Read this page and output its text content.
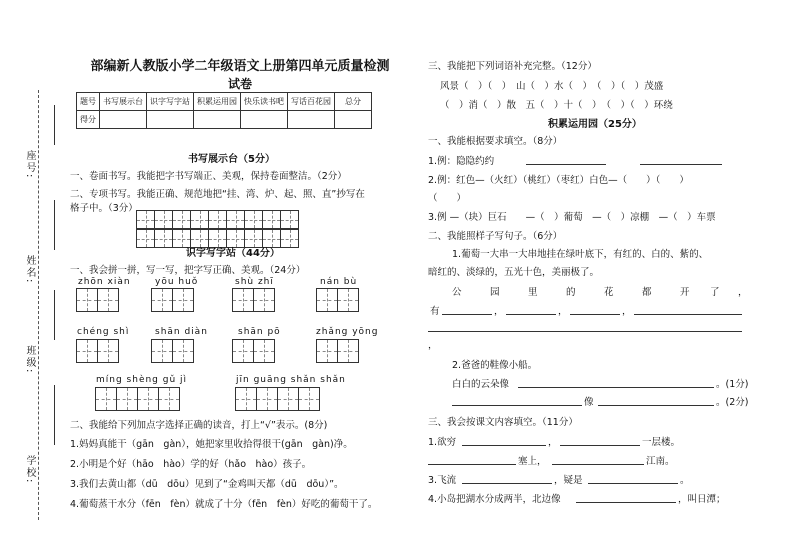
座号:
姓名:
班级:
学校:
部编新人教版小学二年级语文上册第四单元质量检测
试卷
题号	书写展示台	识字写字站	积累运用园	快乐读书吧	写话百花园	总分
得分						
书写展示台（5分）
一、卷面书写。我能把字书写端正、美观，保持卷面整洁。（2分）
二、专项书写。我能正确、规范地把“挂、湾、炉、起、照、直”抄写在
格子中。（3分）
识字写字站（44分）
一、我会拼一拼，写一写，把字写正确、美观。（24分）
zhōn xiàn	yōu huǒ	shù zhī	nán bù
chéng shì	shān diàn	shān pō	zhǎng yōng
míng shèng gǔ jì	jīn guāng shǎn shǎn
二、我能给下列加点字选择正确的读音，打上“√”表示。(8分)
1.妈妈真能干（gān　gàn），她把家里收拾得很干(gān　gàn)净。
2.小明是个好（hāo　hào）学的好（hǎo　hào）孩子。
3.我们去黄山都（dū　dōu）见到了“金鸡叫天都（dū　dōu）”。
4.葡萄蒸干水分（fēn　fèn）就成了十分（fēn　fèn）好吃的葡萄干了。
三、我能把下列词语补充完整。（12分）
风景（　）（　）　山（　）水（　）　（　）（　）茂盛
（　）消（　）散　五（　）十（　）　（　）（　）环绕
积累运用园（25分）
一、我能根据要求填空。（8分）
1.例：隐隐约约
2.例：红色—（火红）（桃红）（枣红）白色—（　　）（　　）
（　　）
3.例 —（块）巨石　　—（　）葡萄　—（　）凉棚　—（　）车票
二、我能照样子写句子。（6分）
1.葡萄一大串一大串地挂在绿叶底下，有红的、白的、紫的、
暗红的、淡绿的，五光十色，美丽极了。
公	园	里	的	花	都	开 了 ，
有	，	，	，
，
2.爸爸的鞋像小船。
白白的云朵像	。(1分)
像	。(2分)
三、我会按课文内容填空。（11分）
1.欲穷	，	一层楼。
塞上，	江南。
3.飞流	，疑是	。
4.小岛把湖水分成两半，北边像	，叫日潭；
